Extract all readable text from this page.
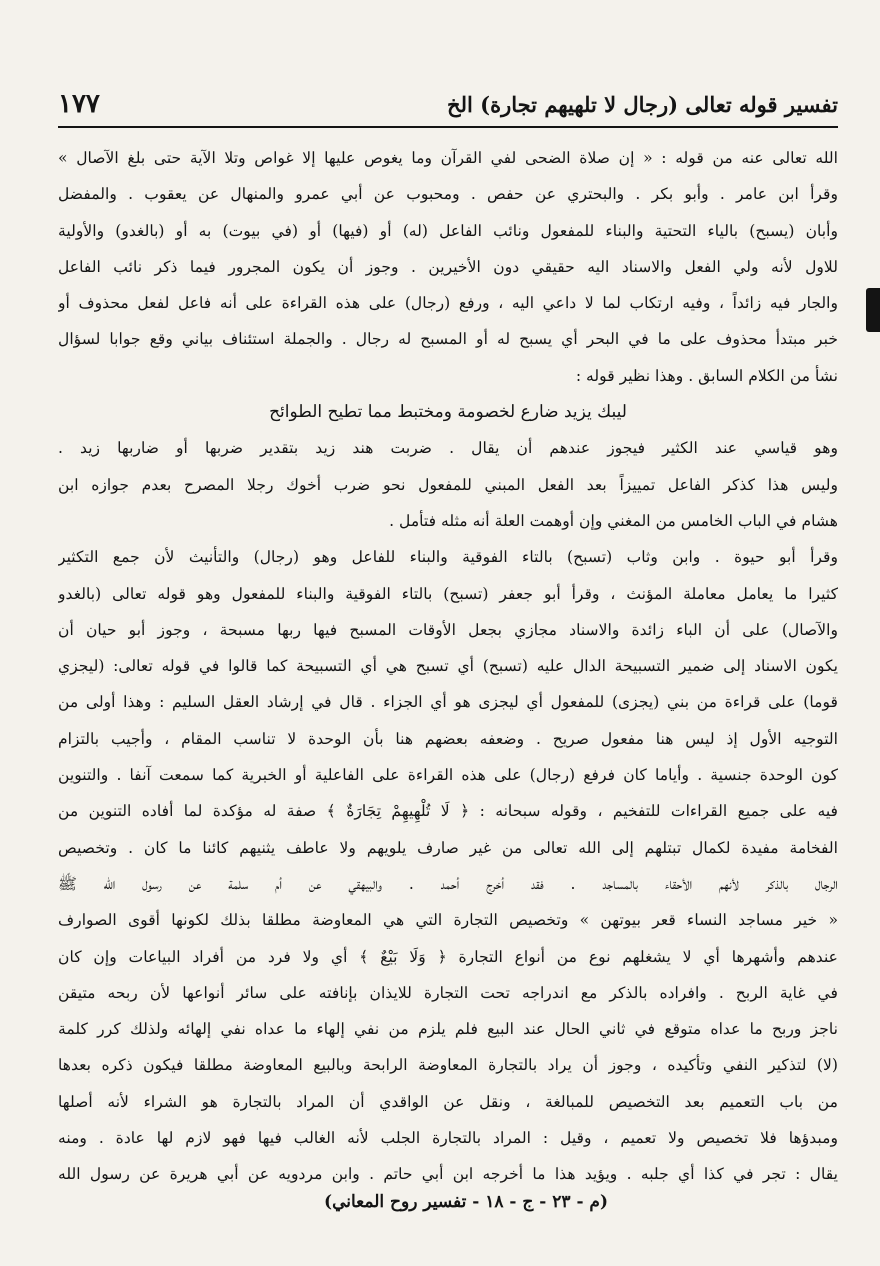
تفسير قوله تعالى (رجال لا تلهيهم تجارة) الخ
١٧٧
الله تعالى عنه من قوله : « إن صلاة الضحى لفي القرآن وما يغوص عليها إلا غواص وتلا الآية حتى بلغ الآصال »
وقرأ ابن عامر . وأبو بكر . والبحتري عن حفص . ومحبوب عن أبي عمرو والمنهال عن يعقوب . والمفضل
وأبان (يسبح) بالياء التحتية والبناء للمفعول ونائب الفاعل (له) أو (فيها) أو (في بيوت) به أو (بالغدو) والأولية
للاول لأنه ولي الفعل والاسناد اليه حقيقي دون الأخيرين . وجوز أن يكون المجرور فيما ذكر نائب الفاعل
والجار فيه زائداً ، وفيه ارتكاب لما لا داعي اليه ، ورفع (رجال) على هذه القراءة على أنه فاعل لفعل محذوف أو
خبر مبتدأ محذوف على ما في البحر أي يسبح له أو المسبح له رجال . والجملة استئناف بياني وقع جوابا لسؤال
نشأ من الكلام السابق . وهذا نظير قوله :
ليبك يزيد ضارع لخصومة ومختبط مما تطيح الطوائح
وهو قياسي عند الكثير فيجوز عندهم أن يقال . ضربت هند زيد بتقدير ضربها أو ضاربها زيد .
وليس هذا كذكر الفاعل تمييزاً بعد الفعل المبني للمفعول نحو ضرب أخوك رجلا المصرح بعدم جوازه ابن
هشام في الباب الخامس من المغني وإن أوهمت العلة أنه مثله فتأمل .
وقرأ أبو حيوة . وابن وثاب (تسبح) بالتاء الفوقية والبناء للفاعل وهو (رجال) والتأنيث لأن جمع التكثير
كثيرا ما يعامل معاملة المؤنث ، وقرأ أبو جعفر (تسبح) بالتاء الفوقية والبناء للمفعول وهو قوله تعالى (بالغدو
والآصال) على أن الباء زائدة والاسناد مجازي بجعل الأوقات المسبح فيها ربها مسبحة ، وجوز أبو حيان أن
يكون الاسناد إلى ضمير التسبيحة الدال عليه (تسبح) أي تسبح هي أي التسبيحة كما قالوا في قوله تعالى: (ليجزي
قوما) على قراءة من بني (يجزى) للمفعول أي ليجزى هو أي الجزاء . قال في إرشاد العقل السليم : وهذا أولى من
التوجيه الأول إذ ليس هنا مفعول صريح . وضعفه بعضهم هنا بأن الوحدة لا تناسب المقام ، وأجيب بالتزام
كون الوحدة جنسية . وأياما كان فرفع (رجال) على هذه القراءة على الفاعلية أو الخبرية كما سمعت آنفا . والتنوين
فيه على جميع القراءات للتفخيم ، وقوله سبحانه : ﴿ لَا تُلْهِيهِمْ تِجَارَةٌ ﴾ صفة له مؤكدة لما أفاده التنوين من
الفخامة مفيدة لكمال تبتلهم إلى الله تعالى من غير صارف يلويهم ولا عاطف يثنيهم كائنا ما كان . وتخصيص
الرجال بالذكر لأنهم الأحقاء بالمساجد . فقد أخرج أحمد . والبيهقي عن أم سلمة عن رسول الله ﷺ
« خير مساجد النساء قعر بيوتهن » وتخصيص التجارة التي هي المعاوضة مطلقا بذلك لكونها أقوى الصوارف
عندهم وأشهرها أي لا يشغلهم نوع من أنواع التجارة ﴿ وَلَا بَيْعٌ ﴾ أي ولا فرد من أفراد البياعات وإن كان
في غاية الربح . وافراده بالذكر مع اندراجه تحت التجارة للايذان بإنافته على سائر أنواعها لأن ربحه متيقن
ناجز وربح ما عداه متوقع في ثاني الحال عند البيع فلم يلزم من نفي إلهاء ما عداه نفي إلهائه ولذلك كرر كلمة
(لا) لتذكير النفي وتأكيده ، وجوز أن يراد بالتجارة المعاوضة الرابحة وبالبيع المعاوضة مطلقا فيكون ذكره بعدها
من باب التعميم بعد التخصيص للمبالغة ، ونقل عن الواقدي أن المراد بالتجارة هو الشراء لأنه أصلها
ومبدؤها فلا تخصيص ولا تعميم ، وقيل : المراد بالتجارة الجلب لأنه الغالب فيها فهو لازم لها عادة . ومنه
يقال : تجر في كذا أي جلبه . ويؤيد هذا ما أخرجه ابن أبي حاتم . وابن مردويه عن أبي هريرة عن رسول الله
(م - ٢٣ - ج - ١٨ - تفسير روح المعاني)
